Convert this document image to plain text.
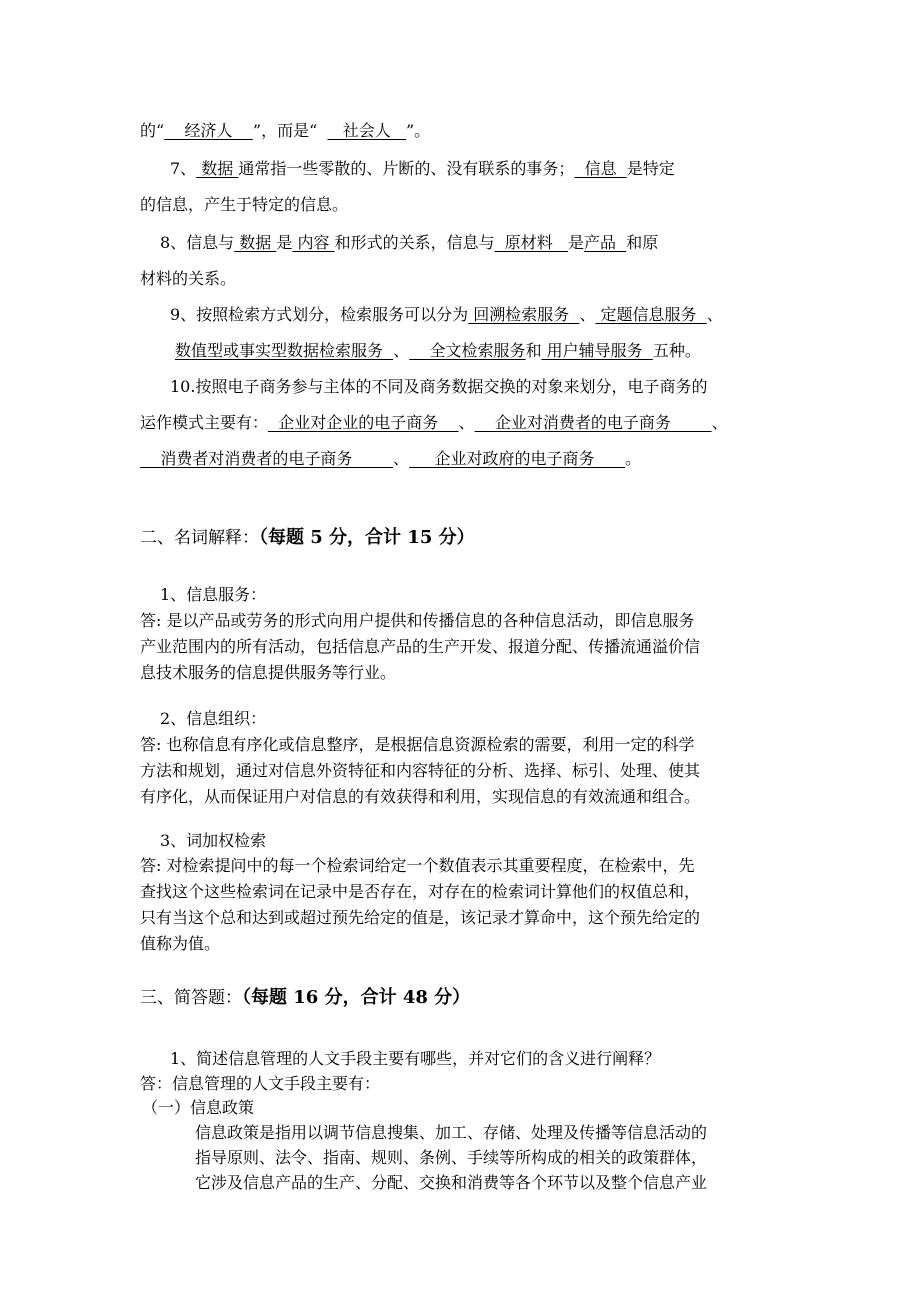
的“    经济人    ”，而是“     社会人   ”。
7、 数据 通常指一些零散的、片断的、没有联系的事务；  信息  是特定
的信息，产生于特定的信息。
8、信息与 数据 是 内容 和形式的关系，信息与  原材料   是产品  和原
材料的关系。
9、按照检索方式划分，检索服务可以分为 回溯检索服务  、 定题信息服务  、
数值型或事实型数据检索服务  、    全文检索服务和 用户辅导服务  五种。
10.按照电子商务参与主体的不同及商务数据交换的对象来划分，电子商务的
运作模式主要有：  企业对企业的电子商务    、    企业对消费者的电子商务        、
消费者对消费者的电子商务        、     企业对政府的电子商务      。
二、名词解释：（每题 5 分，合计 15 分）
1、信息服务：
答: 是以产品或劳务的形式向用户提供和传播信息的各种信息活动，即信息服务
产业范围内的所有活动，包括信息产品的生产开发、报道分配、传播流通溢价信
息技术服务的信息提供服务等行业。
2、信息组织：
答: 也称信息有序化或信息整序，是根据信息资源检索的需要，利用一定的科学
方法和规划，通过对信息外资特征和内容特征的分析、选择、标引、处理、使其
有序化，从而保证用户对信息的有效获得和利用，实现信息的有效流通和组合。
3、词加权检索
答: 对检索提问中的每一个检索词给定一个数值表示其重要程度，在检索中，先
查找这个这些检索词在记录中是否存在，对存在的检索词计算他们的权值总和，
只有当这个总和达到或超过预先给定的值是，该记录才算命中，这个预先给定的
值称为值。
三、简答题：（每题 16 分，合计 48 分）
1、简述信息管理的人文手段主要有哪些，并对它们的含义进行阐释？
答：信息管理的人文手段主要有：
（一）信息政策
信息政策是指用以调节信息搜集、加工、存储、处理及传播等信息活动的
指导原则、法令、指南、规则、条例、手续等所构成的相关的政策群体，
它涉及信息产品的生产、分配、交换和消费等各个环节以及整个信息产业
